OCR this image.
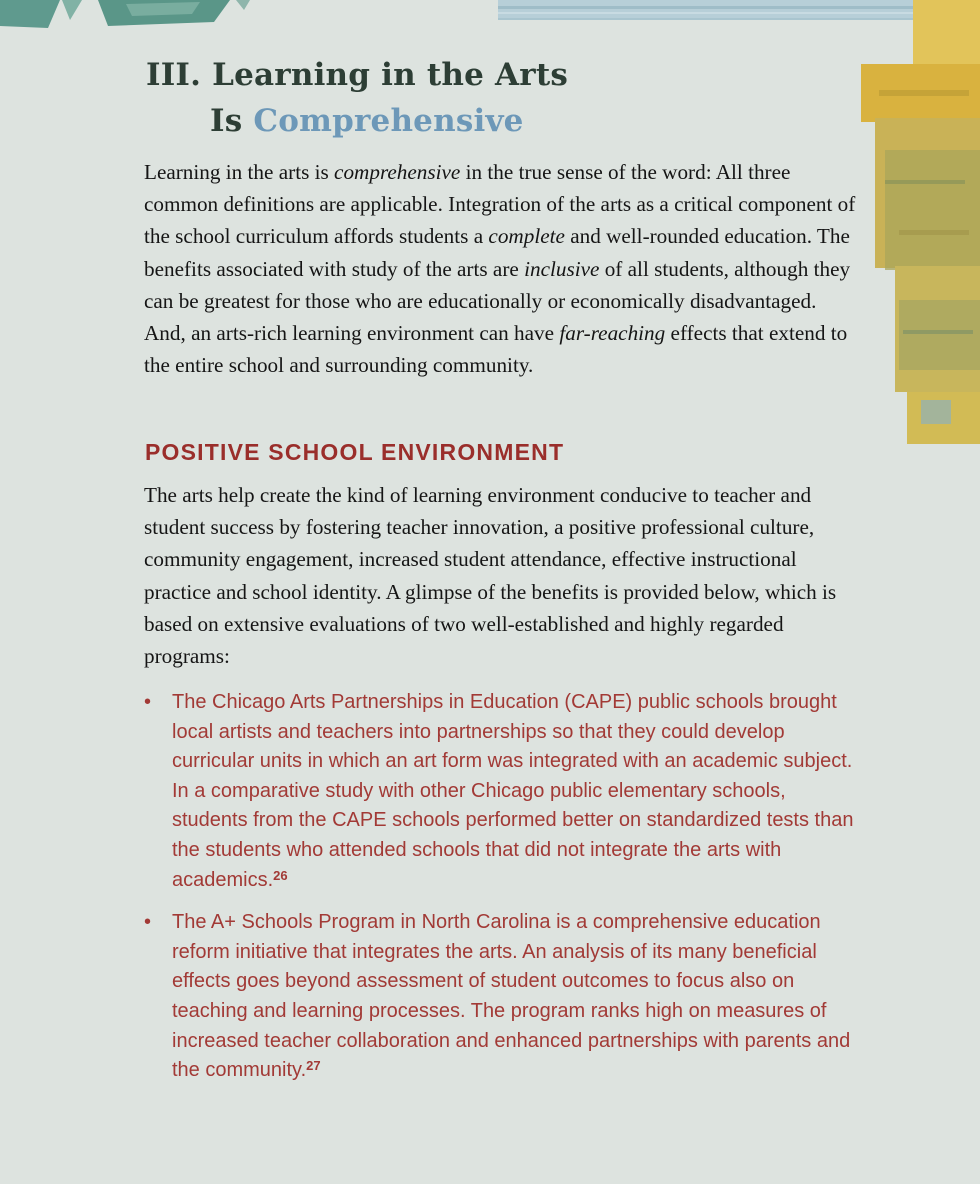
III. Learning in the Arts
Is Comprehensive

Learning in the arts is comprehensive in the true sense of the word: All three common definitions are applicable. Integration of the arts as a critical component of the school curriculum affords students a complete and well-rounded education. The benefits associated with study of the arts are inclusive of all students, although they can be greatest for those who are educationally or economically disadvantaged. And, an arts-rich learning environment can have far-reaching effects that extend to the entire school and surrounding community.

POSITIVE SCHOOL ENVIRONMENT

The arts help create the kind of learning environment conducive to teacher and student success by fostering teacher innovation, a positive professional culture, community engagement, increased student attendance, effective instructional practice and school identity. A glimpse of the benefits is provided below, which is based on extensive evaluations of two well-established and highly regarded programs:

• The Chicago Arts Partnerships in Education (CAPE) public schools brought local artists and teachers into partnerships so that they could develop curricular units in which an art form was integrated with an academic subject. In a comparative study with other Chicago public elementary schools, students from the CAPE schools performed better on standardized tests than the students who attended schools that did not integrate the arts with academics.$^{26}$
• The A+ Schools Program in North Carolina is a comprehensive education reform initiative that integrates the arts. An analysis of its many beneficial effects goes beyond assessment of student outcomes to focus also on teaching and learning processes. The program ranks high on measures of increased teacher collaboration and enhanced partnerships with parents and the community.$^{27}$
